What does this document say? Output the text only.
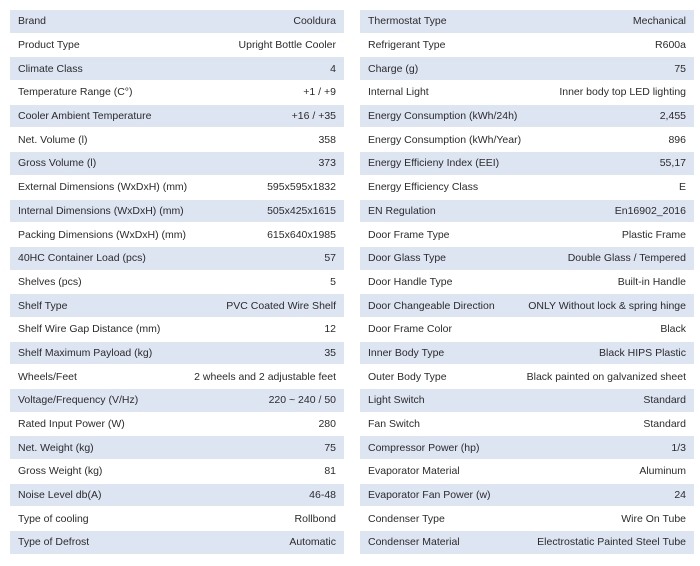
Brand	Cooldura
Product Type	Upright Bottle Cooler
Climate Class	4
Temperature Range (C°)	+1 / +9
Cooler Ambient Temperature	+16 / +35
Net. Volume (l)	358
Gross Volume (l)	373
External Dimensions (WxDxH) (mm)	595x595x1832
Internal Dimensions (WxDxH) (mm)	505x425x1615
Packing Dimensions (WxDxH) (mm)	615x640x1985
40HC Container Load (pcs)	57
Shelves (pcs)	5
Shelf Type	PVC Coated Wire Shelf
Shelf Wire Gap Distance (mm)	12
Shelf Maximum Payload (kg)	35
Wheels/Feet	2 wheels and 2 adjustable feet
Voltage/Frequency (V/Hz)	220 ~ 240 / 50
Rated Input Power (W)	280
Net. Weight (kg)	75
Gross Weight (kg)	81
Noise Level db(A)	46-48
Type of cooling	Rollbond
Type of Defrost	Automatic
Thermostat Type	Mechanical
Refrigerant Type	R600a
Charge (g)	75
Internal Light	Inner body top LED lighting
Energy Consumption (kWh/24h)	2,455
Energy Consumption (kWh/Year)	896
Energy Efficieny Index (EEI)	55,17
Energy Efficiency Class	E
EN Regulation	En16902_2016
Door Frame Type	Plastic Frame
Door Glass Type	Double Glass / Tempered
Door Handle Type	Built-in Handle
Door Changeable Direction	ONLY Without lock & spring hinge
Door Frame Color	Black
Inner Body Type	Black HIPS Plastic
Outer Body Type	Black painted on galvanized sheet
Light Switch	Standard
Fan Switch	Standard
Compressor Power (hp)	1/3
Evaporator Material	Aluminum
Evaporator Fan Power (w)	24
Condenser Type	Wire On Tube
Condenser Material	Electrostatic Painted Steel Tube
